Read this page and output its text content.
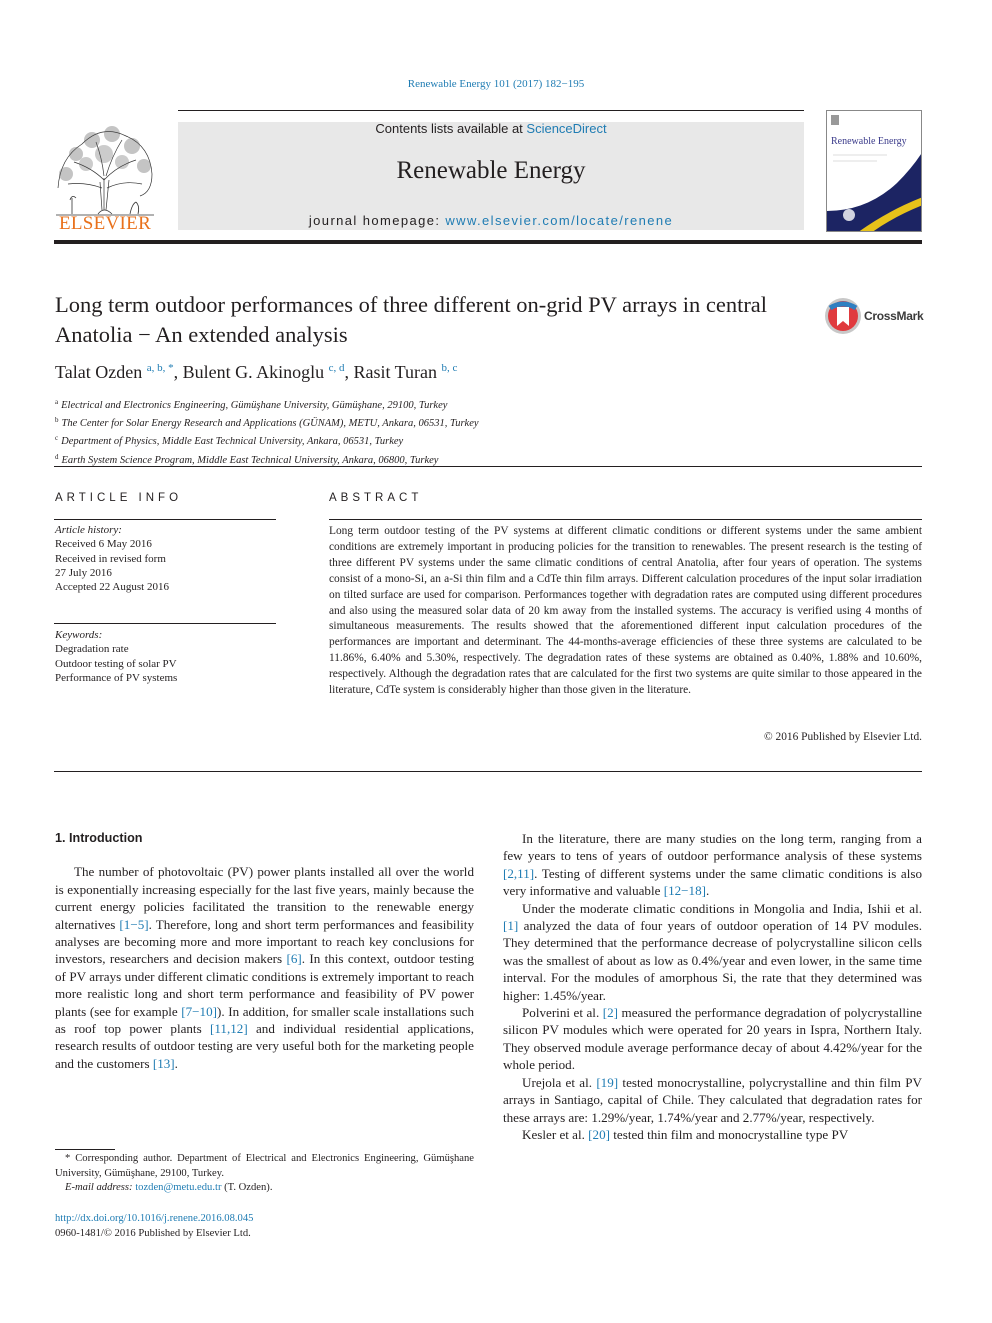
Renewable Energy 101 (2017) 182−195
ELSEVIER
Contents lists available at ScienceDirect
Renewable Energy
journal homepage: www.elsevier.com/locate/renene
Renewable Energy
Long term outdoor performances of three different on-grid PV arrays in central Anatolia − An extended analysis
CrossMark
Talat Ozden $^{a, b, *}$, Bulent G. Akinoglu $^{c, d}$, Rasit Turan $^{b, c}$
$^a$ Electrical and Electronics Engineering, Gümüşhane University, Gümüşhane, 29100, Turkey
$^b$ The Center for Solar Energy Research and Applications (GÜNAM), METU, Ankara, 06531, Turkey
$^c$ Department of Physics, Middle East Technical University, Ankara, 06531, Turkey
$^d$ Earth System Science Program, Middle East Technical University, Ankara, 06800, Turkey
ARTICLE INFO	ABSTRACT
Article history:
Received 6 May 2016
Received in revised form
27 July 2016
Accepted 22 August 2016
Keywords:
Degradation rate
Outdoor testing of solar PV
Performance of PV systems
Long term outdoor testing of the PV systems at different climatic conditions or different systems under the same ambient conditions are extremely important in producing policies for the transition to renewables. The present research is the testing of three different PV systems under the same climatic conditions of central Anatolia, after four years of operation. The systems consist of a mono-Si, an a-Si thin film and a CdTe thin film arrays. Different calculation procedures of the input solar irradiation on tilted surface are used for comparison. Performances together with degradation rates are computed using different procedures and also using the measured solar data of 20 km away from the installed systems. The accuracy is verified using 4 months of simultaneous measurements. The results showed that the aforementioned different input calculation procedures of the performances are important and determinant. The 44-months-average efficiencies of these three systems are calculated to be 11.86%, 6.40% and 5.30%, respectively. The degradation rates of these systems are obtained as 0.40%, 1.88% and 10.60%, respectively. Although the degradation rates that are calculated for the first two systems are quite similar to those appeared in the literature, CdTe system is considerably higher than those given in the literature.
© 2016 Published by Elsevier Ltd.
1. Introduction

The number of photovoltaic (PV) power plants installed all over the world is exponentially increasing especially for the last five years, mainly because the current energy policies facilitated the transition to the renewable energy alternatives [1−5]. Therefore, long and short term performances and feasibility analyses are becoming more and more important to reach key conclusions for investors, researchers and decision makers [6]. In this context, outdoor testing of PV arrays under different climatic conditions is extremely important to reach more realistic long and short term performance and feasibility of PV power plants (see for example [7−10]). In addition, for smaller scale installations such as roof top power plants [11,12] and individual residential applications, research results of outdoor testing are very useful both for the marketing people and the customers [13].

In the literature, there are many studies on the long term, ranging from a few years to tens of years of outdoor performance analysis of these systems [2,11]. Testing of different systems under the same climatic conditions is also very informative and valuable [12−18].

Under the moderate climatic conditions in Mongolia and India, Ishii et al. [1] analyzed the data of four years of outdoor operation of 14 PV modules. They determined that the performance decrease of polycrystalline silicon cells was the smallest of about as low as 0.4%/year and even lower, in the same time interval. For the modules of amorphous Si, the rate that they determined was higher: 1.45%/year.

Polverini et al. [2] measured the performance degradation of polycrystalline silicon PV modules which were operated for 20 years in Ispra, Northern Italy. They observed module average performance decay of about 4.42%/year for the whole period.

Urejola et al. [19] tested monocrystalline, polycrystalline and thin film PV arrays in Santiago, capital of Chile. They calculated that degradation rates for these arrays are: 1.29%/year, 1.74%/year and 2.77%/year, respectively.

Kesler et al. [20] tested thin film and monocrystalline type PV

* Corresponding author. Department of Electrical and Electronics Engineering, Gümüşhane University, Gümüşhane, 29100, Turkey.

E-mail address: tozden@metu.edu.tr (T. Ozden).

http://dx.doi.org/10.1016/j.renene.2016.08.045
0960-1481/© 2016 Published by Elsevier Ltd.
